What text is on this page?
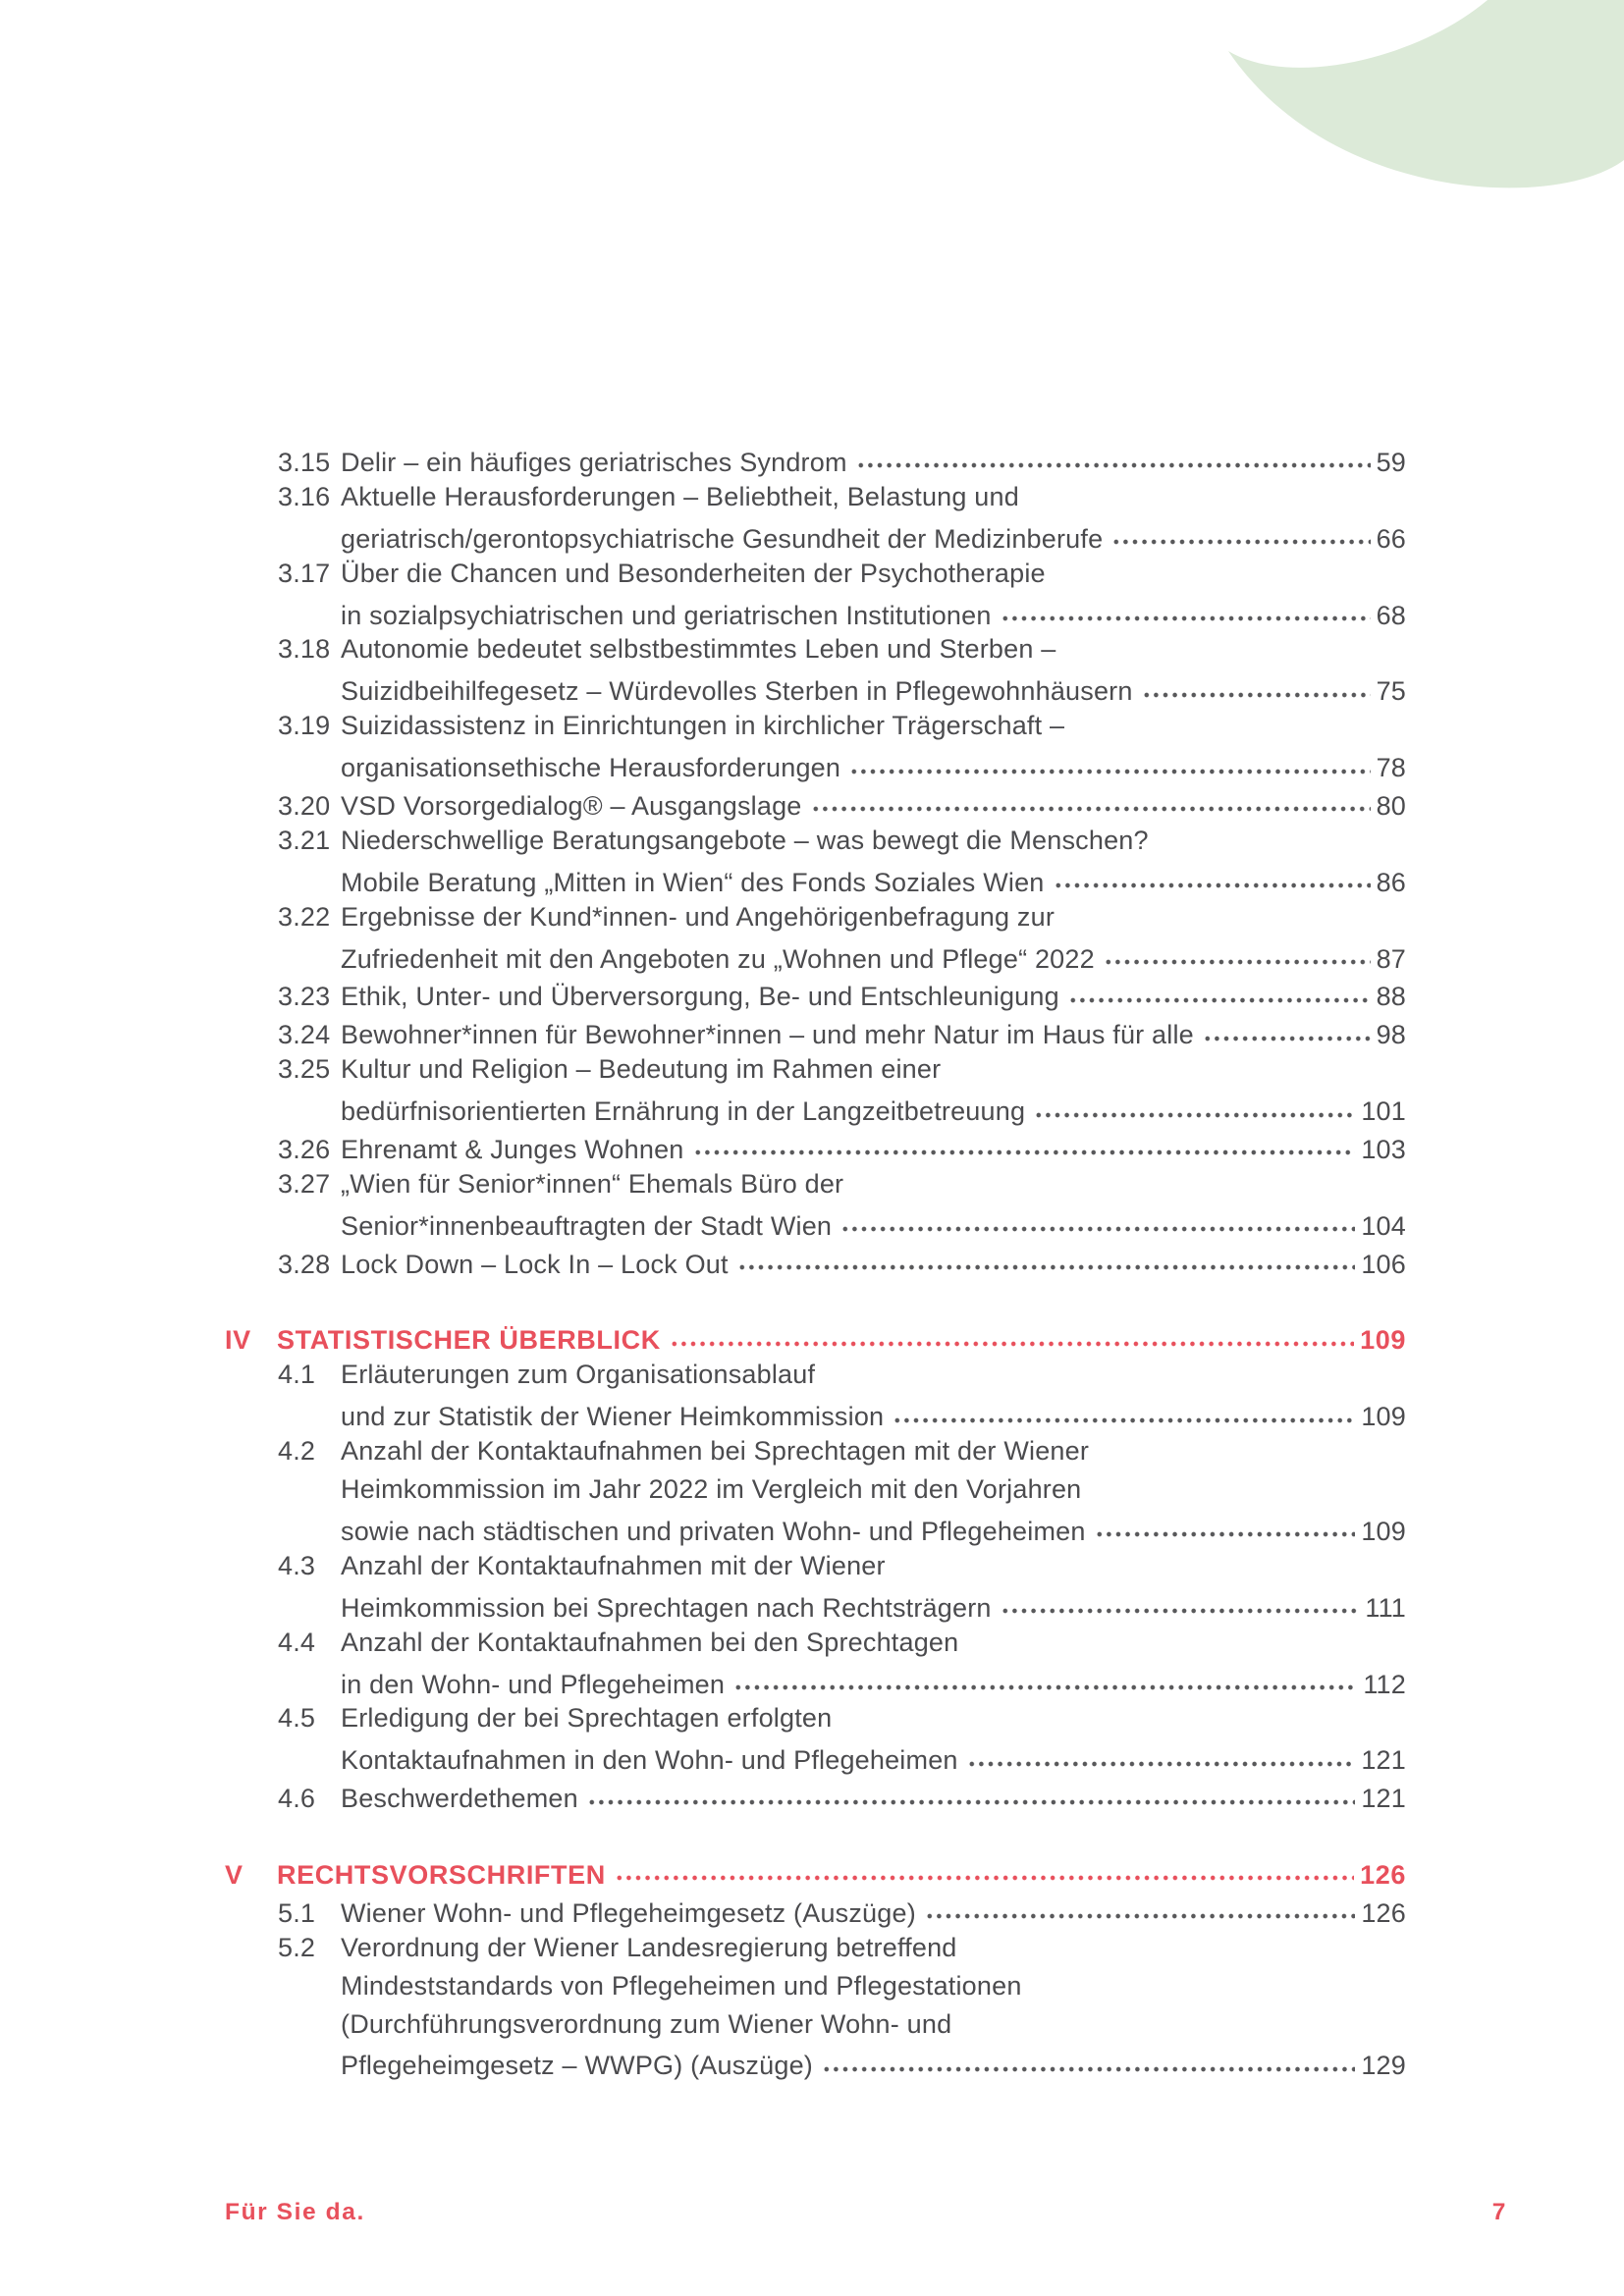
3.15 Delir – ein häufiges geriatrisches Syndrom	59
3.16 Aktuelle Herausforderungen – Beliebtheit, Belastung und
geriatrisch/gerontopsychiatrische Gesundheit der Medizinberufe	66
3.17 Über die Chancen und Besonderheiten der Psychotherapie
in sozialpsychiatrischen und geriatrischen Institutionen	68
3.18 Autonomie bedeutet selbstbestimmtes Leben und Sterben –
Suizidbeihilfegesetz – Würdevolles Sterben in Pflegewohnhäusern	75
3.19 Suizidassistenz in Einrichtungen in kirchlicher Trägerschaft –
organisationsethische Herausforderungen	78
3.20 VSD Vorsorgedialog® – Ausgangslage	80
3.21 Niederschwellige Beratungsangebote – was bewegt die Menschen?
Mobile Beratung „Mitten in Wien“ des Fonds Soziales Wien	86
3.22 Ergebnisse der Kund*innen- und Angehörigenbefragung zur
Zufriedenheit mit den Angeboten zu „Wohnen und Pflege“ 2022	87
3.23 Ethik, Unter- und Überversorgung, Be- und Entschleunigung	88
3.24 Bewohner*innen für Bewohner*innen – und mehr Natur im Haus für alle	98
3.25 Kultur und Religion – Bedeutung im Rahmen einer
bedürfnisorientierten Ernährung in der Langzeitbetreuung	101
3.26 Ehrenamt & Junges Wohnen	103
3.27 „Wien für Senior*innen“ Ehemals Büro der
Senior*innenbeauftragten der Stadt Wien	104
3.28 Lock Down – Lock In – Lock Out	106
IV STATISTISCHER ÜBERBLICK	109
4.1 Erläuterungen zum Organisationsablauf
und zur Statistik der Wiener Heimkommission	109
4.2 Anzahl der Kontaktaufnahmen bei Sprechtagen mit der Wiener
Heimkommission im Jahr 2022 im Vergleich mit den Vorjahren
sowie nach städtischen und privaten Wohn- und Pflegeheimen	109
4.3 Anzahl der Kontaktaufnahmen mit der Wiener
Heimkommission bei Sprechtagen nach Rechtsträgern	111
4.4 Anzahl der Kontaktaufnahmen bei den Sprechtagen
in den Wohn- und Pflegeheimen	112
4.5 Erledigung der bei Sprechtagen erfolgten
Kontaktaufnahmen in den Wohn- und Pflegeheimen	121
4.6 Beschwerdethemen	121
V	RECHTSVORSCHRIFTEN	126
5.1 Wiener Wohn- und Pflegeheimgesetz (Auszüge)	126
5.2 Verordnung der Wiener Landesregierung betreffend
Mindeststandards von Pflegeheimen und Pflegestationen
(Durchführungsverordnung zum Wiener Wohn- und
Pflegeheimgesetz – WWPG) (Auszüge)	129
Für Sie da.	7
